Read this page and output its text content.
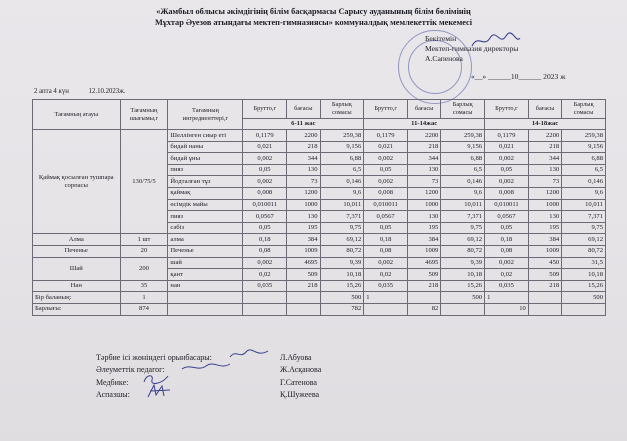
«Жамбыл облысы әкімдігінің білім басқармасы Сарысу ауданының білім бөлімінің
Мұхтар Әуезов атындағы мектеп-гимназиясы» коммуналдық мемлекеттік мекемесі
Бекітемін
Мектеп-гимназия директоры
А.Сапенова
«__» ______10______ 2023 ж
2 апта 4 күн	12.10.2023ж.
Тағамның атауы	Тағамның шығымы,г	Тағамның ингредиенттері,г	Брутто,г	бағасы	Барлық сомасы	Брутто,г	бағасы	Барлық сомасы	Брутто,г	бағасы	Барлық сомасы
			6-11 жас			11-14жас			14-18жас		
Қаймақ қосылған тушпара сорпасы	130/75/5	Шеллінген сиыр еті	0,1179	2200	259,38	0,1179	2200	259,38	0,1179	2200	259,38
		бидай наны	0,021	218	9,156	0,021	218	9,156	0,021	218	9,156
		бидай ұны	0,002	344	6,88	0,002	344	6,88	0,002	344	6,88
		пияз	0,05	130	6,5	0,05	130	6,5	0,05	130	6,5
		Йодталған тұз	0,002	73	0,146	0,002	73	0,146	0,002	73	0,146
		қаймақ	0,008	1200	9,6	0,008	1200	9,6	0,008	1200	9,6
		өсімдік майы	0,010011	1000	10,011	0,010011	1000	10,011	0,010011	1000	10,011
		пияз	0,0567	130	7,371	0,0567	130	7,371	0,0567	130	7,371
		сәбіз	0,05	195	9,75	0,05	195	9,75	0,05	195	9,75
Алма	1 шт	алма	0,18	384	69,12	0,18	384	69,12	0,18	384	69,12
Печенье	20	Печенье	0,08	1009	80,72	0,08	1009	80,72	0,08	1009	80,72
Шай	200	шай	0,002	4695	9,39	0,002	4695	9,39	0,002	450	31,5
		қант	0,02	509	10,18	0,02	509	10,18	0,02	509	10,18
Нан	35	нан	0,035	218	15,26	0,035	218	15,26	0,035	218	15,26
Бір баланың:	1				500	1		500	1		500
Барлығы:	874				782		82		10		
Тәрбие ісі жөніндегі орынбасары:	Л.Абуова
Әлеуметтік педагог:	Ж.Асқанова
Медбике:	Г.Сатенова
Аспазшы:	Қ.Шужеева
